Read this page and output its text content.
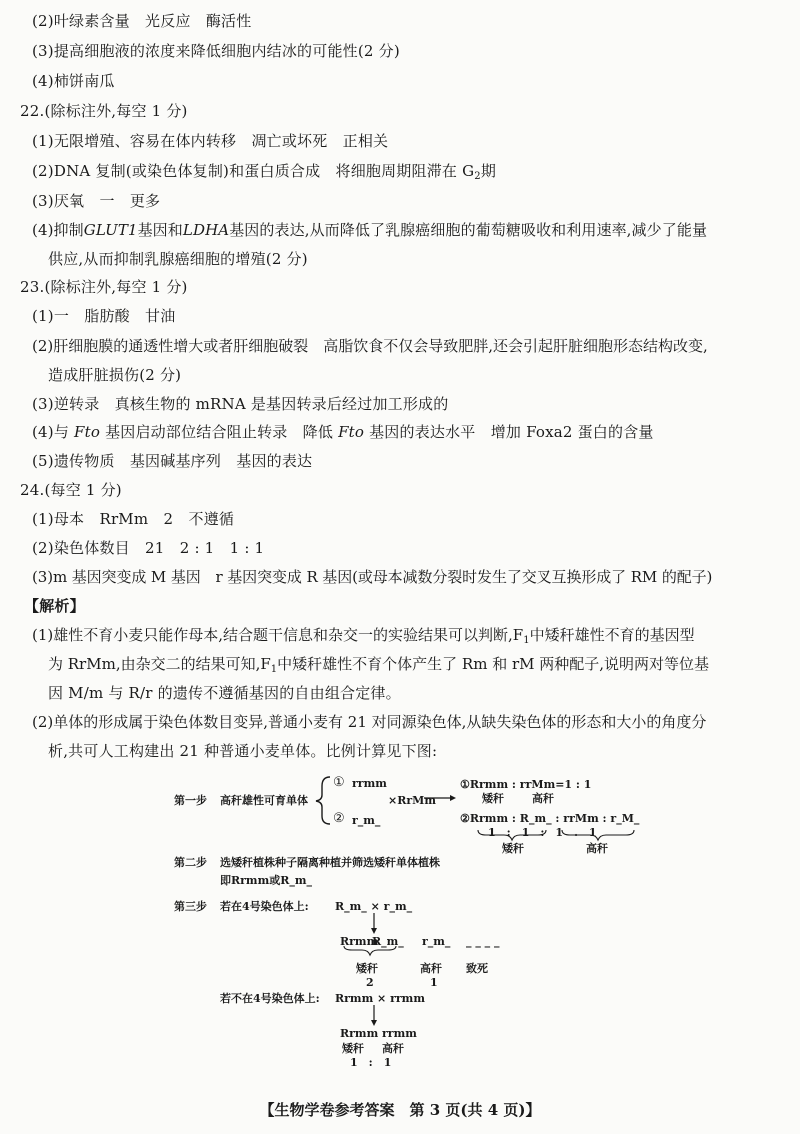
(2)叶绿素含量　光反应　酶活性
(3)提高细胞液的浓度来降低细胞内结冰的可能性(2 分)
(4)柿饼南瓜
22.(除标注外,每空 1 分)
(1)无限增殖、容易在体内转移　凋亡或坏死　正相关
(2)DNA 复制(或染色体复制)和蛋白质合成　将细胞周期阻滞在 $G_2$期
(3)厌氧　一　更多
(4)抑制GLUT1基因和LDHA基因的表达,从而降低了乳腺癌细胞的葡萄糖吸收和利用速率,减少了能量
供应,从而抑制乳腺癌细胞的增殖(2 分)
23.(除标注外,每空 1 分)
(1)一　脂肪酸　甘油
(2)肝细胞膜的通透性增大或者肝细胞破裂　高脂饮食不仅会导致肥胖,还会引起肝脏细胞形态结构改变,
造成肝脏损伤(2 分)
(3)逆转录　真核生物的 mRNA 是基因转录后经过加工形成的
(4)与 Fto 基因启动部位结合阻止转录　降低 Fto 基因的表达水平　增加 Foxa2 蛋白的含量
(5)遗传物质　基因碱基序列　基因的表达
24.(每空 1 分)
(1)母本　RrMm　2　不遵循
(2)染色体数目　21　2 : 1　1 : 1
(3)m 基因突变成 M 基因　r 基因突变成 R 基因(或母本减数分裂时发生了交叉互换形成了 RM 的配子)
【解析】
(1)雄性不育小麦只能作母本,结合题干信息和杂交一的实验结果可以判断$,F_1$中矮秆雄性不育的基因型
为 RrMm,由杂交二的结果可知$,F_1$中矮秆雄性不育个体产生了 Rm 和 rM 两种配子,说明两对等位基
因 M/m 与 R/r 的遗传不遵循基因的自由组合定律。
(2)单体的形成属于染色体数目变异,普通小麦有 21 对同源染色体,从缺失染色体的形态和大小的角度分
析,共可人工构建出 21 种普通小麦单体。比例计算见下图:
第一步 高秆雄性可育单体
① rrmm
×RrMm
② r_m_
①Rrmm : rrMm=1 : 1
矮秆	高秆
②Rrmm : R_m_ : rrMm : r_M_
1　:　1　:　1　.　1
矮秆	高秆
第二步 选矮秆植株种子隔离种植并筛选矮秆单体植株
即Rrmm或R_m_
第三步 若在4号染色体上: R_m_ × r_m_
Rrmm
R_m_ r_m_ _ _ _ _
矮秆	高秆 致死
2	1
若不在4号染色体上: Rrmm × rrmm
Rrmm rrmm
矮秆 高秆
1　:　1
【生物学卷参考答案　第 3 页(共 4 页)】
